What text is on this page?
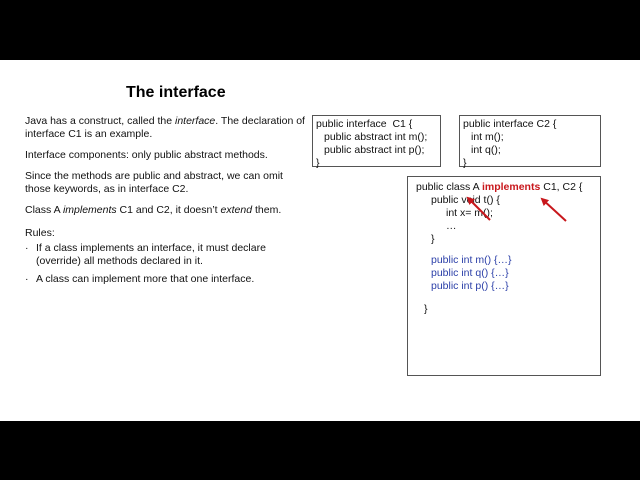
The interface

Java has a construct, called the interface. The declaration of interface C1 is an example.

Interface components: only public abstract methods.

Since the methods are public and abstract, we can omit those keywords, as in interface C2.

Class A implements C1 and C2, it doesn’t extend them.

Rules:
· If a class implements an interface, it must declare (override) all methods declared in it.
· A class can implement more that one interface.
public interface  C1 {
public abstract int m();
public abstract int p();
}
public interface C2 {
int m();
int q();
}
public class A implements C1, C2 {
public void t() {
int x= m();
…
}
public int m() {…}
public int q() {…}
public int p() {…}
}
